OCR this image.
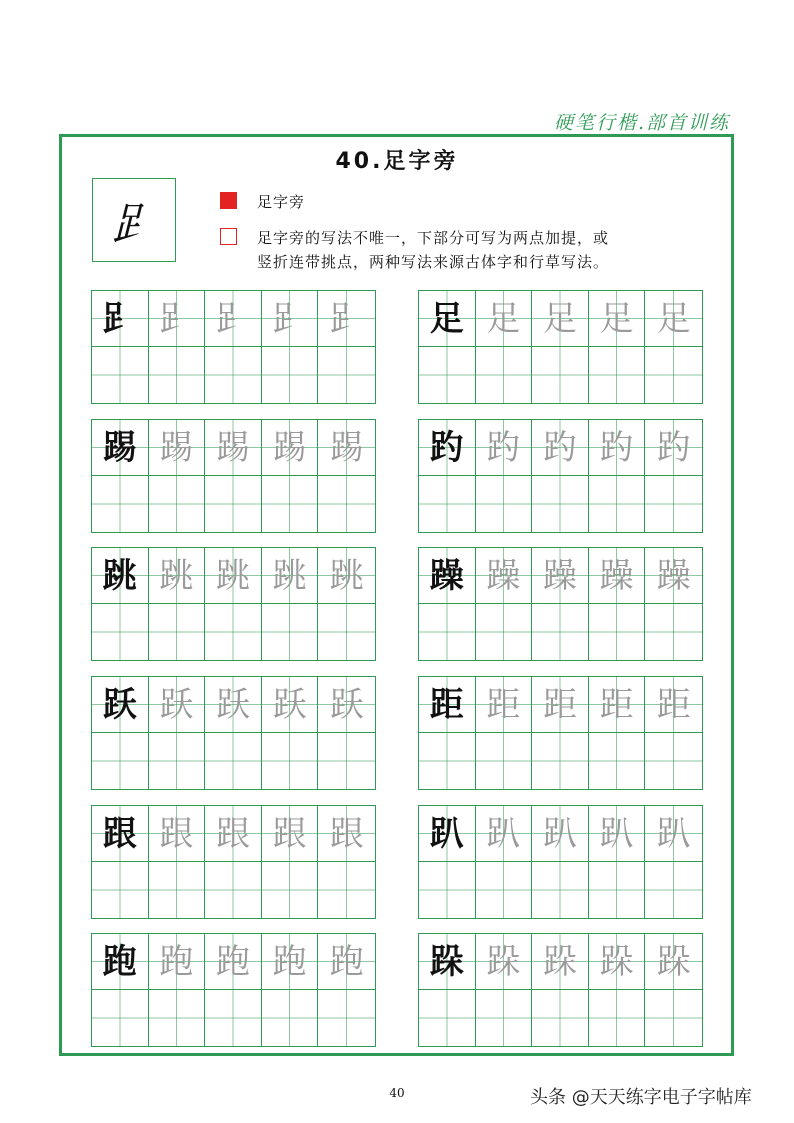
硬笔行楷.部首训练
40.足字旁
𧾷	足字旁
足字旁的写法不唯一，下部分可写为两点加提，或
竖折连带挑点，两种写法来源古体字和行草写法。
𧾷 𧾷 𧾷 𧾷 𧾷
踢 踢 踢 踢 踢
跳 跳 跳 跳 跳
跃 跃 跃 跃 跃
跟 跟 跟 跟 跟
跑 跑 跑 跑 跑
足 足 足 足 足
趵 趵 趵 趵 趵
躁 躁 躁 躁 躁
距 距 距 距 距
趴 趴 趴 趴 趴
跺 跺 跺 跺 跺
40	头条 @天天练字电子字帖库
